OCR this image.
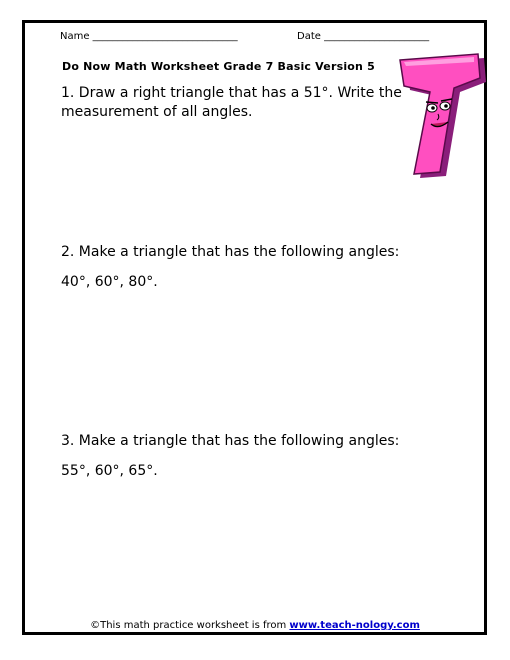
Name _____________________________	Date _____________________
Do Now Math Worksheet Grade 7 Basic Version 5
1. Draw a right triangle that has a 51°. Write the
measurement of all angles.
2. Make a triangle that has the following angles:
40°, 60°, 80°.
3. Make a triangle that has the following angles:
55°, 60°, 65°.
©This math practice worksheet is from www.teach-nology.com
